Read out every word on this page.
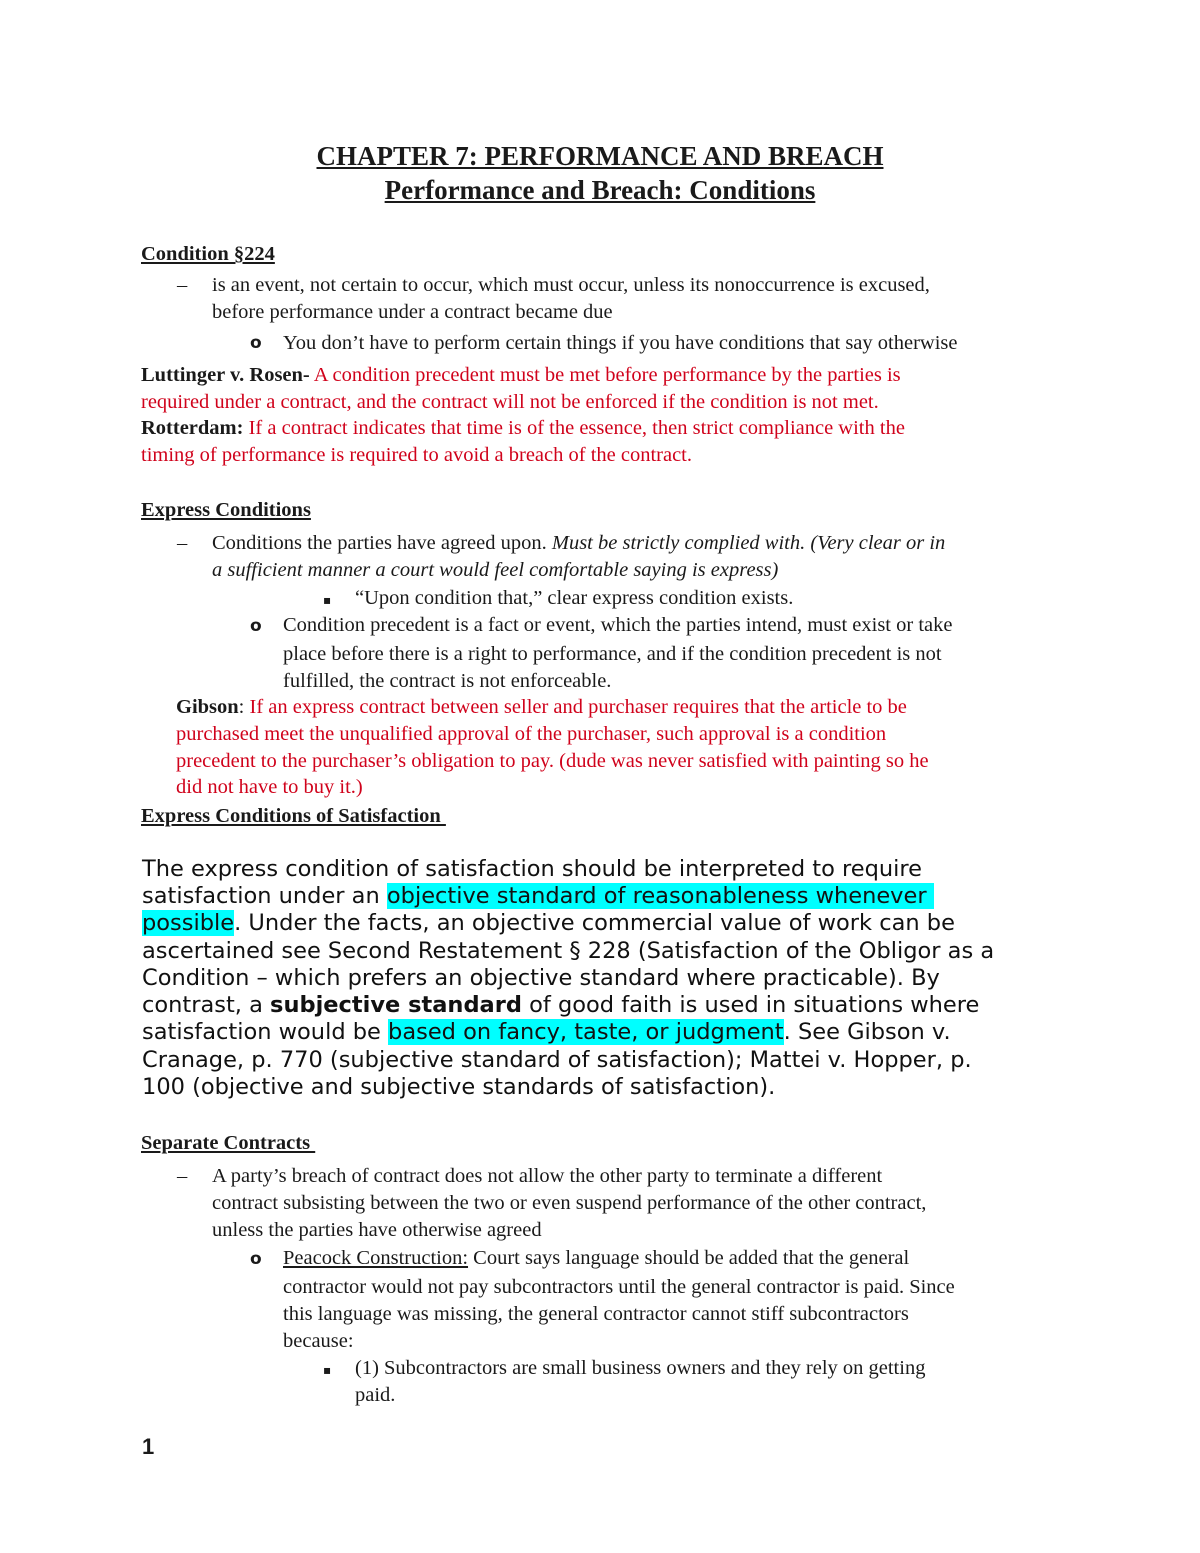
CHAPTER 7: PERFORMANCE AND BREACH
Performance and Breach: Conditions
Condition §224
– is an event, not certain to occur, which must occur, unless its nonoccurrence is excused,
before performance under a contract became due
o You don’t have to perform certain things if you have conditions that say otherwise
Luttinger v. Rosen- A condition precedent must be met before performance by the parties is
required under a contract, and the contract will not be enforced if the condition is not met.
Rotterdam: If a contract indicates that time is of the essence, then strict compliance with the
timing of performance is required to avoid a breach of the contract.
Express Conditions
– Conditions the parties have agreed upon. Must be strictly complied with. (Very clear or in
a sufficient manner a court would feel comfortable saying is express)
▪ “Upon condition that,” clear express condition exists.
o Condition precedent is a fact or event, which the parties intend, must exist or take
place before there is a right to performance, and if the condition precedent is not
fulfilled, the contract is not enforceable.
Gibson: If an express contract between seller and purchaser requires that the article to be
purchased meet the unqualified approval of the purchaser, such approval is a condition
precedent to the purchaser’s obligation to pay. (dude was never satisfied with painting so he
did not have to buy it.)
Express Conditions of Satisfaction
The express condition of satisfaction should be interpreted to require
satisfaction under an objective standard of reasonableness whenever
possible. Under the facts, an objective commercial value of work can be
ascertained see Second Restatement § 228 (Satisfaction of the Obligor as a
Condition – which prefers an objective standard where practicable). By
contrast, a subjective standard of good faith is used in situations where
satisfaction would be based on fancy, taste, or judgment. See Gibson v.
Cranage, p. 770 (subjective standard of satisfaction); Mattei v. Hopper, p.
100 (objective and subjective standards of satisfaction).
Separate Contracts
– A party’s breach of contract does not allow the other party to terminate a different
contract subsisting between the two or even suspend performance of the other contract,
unless the parties have otherwise agreed
o Peacock Construction: Court says language should be added that the general
contractor would not pay subcontractors until the general contractor is paid. Since
this language was missing, the general contractor cannot stiff subcontractors
because:
▪ (1) Subcontractors are small business owners and they rely on getting
paid.
1
